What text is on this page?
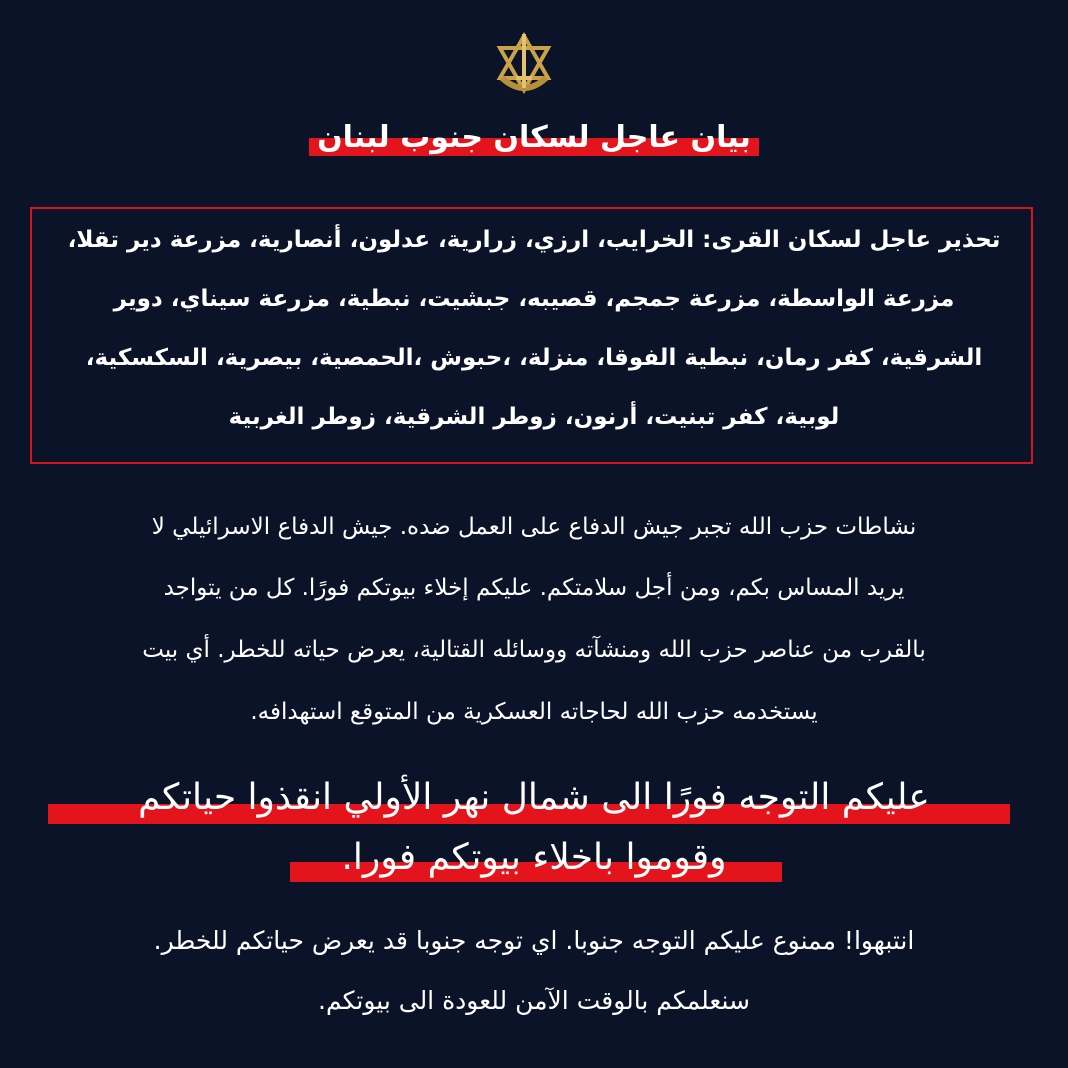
بيان عاجل لسكان جنوب لبنان
تحذير عاجل لسكان القرى: الخرايب، ارزي، زرارية، عدلون، أنصارية، مزرعة دير تقلا،
مزرعة الواسطة، مزرعة جمجم، قصيبه، جبشيت، نبطية، مزرعة سيناي، دوير
الشرقية، كفر رمان، نبطية الفوقا، منزلة، ،حبوش ،الحمصية، بيصرية، السكسكية،
لوبية، كفر تبنيت، أرنون، زوطر الشرقية، زوطر الغربية
نشاطات حزب الله تجبر جيش الدفاع على العمل ضده. جيش الدفاع الاسرائيلي لا
يريد المساس بكم، ومن أجل سلامتكم. عليكم إخلاء بيوتكم فورًا. كل من يتواجد
بالقرب من عناصر حزب الله ومنشآته ووسائله القتالية، يعرض حياته للخطر. أي بيت
يستخدمه حزب الله لحاجاته العسكرية من المتوقع استهدافه.
عليكم التوجه فورًا الى شمال نهر الأولي انقذوا حياتكم
وقوموا باخلاء بيوتكم فورا.
انتبهوا! ممنوع عليكم التوجه جنوبا. اي توجه جنوبا قد يعرض حياتكم للخطر.
سنعلمكم بالوقت الآمن للعودة الى بيوتكم.
